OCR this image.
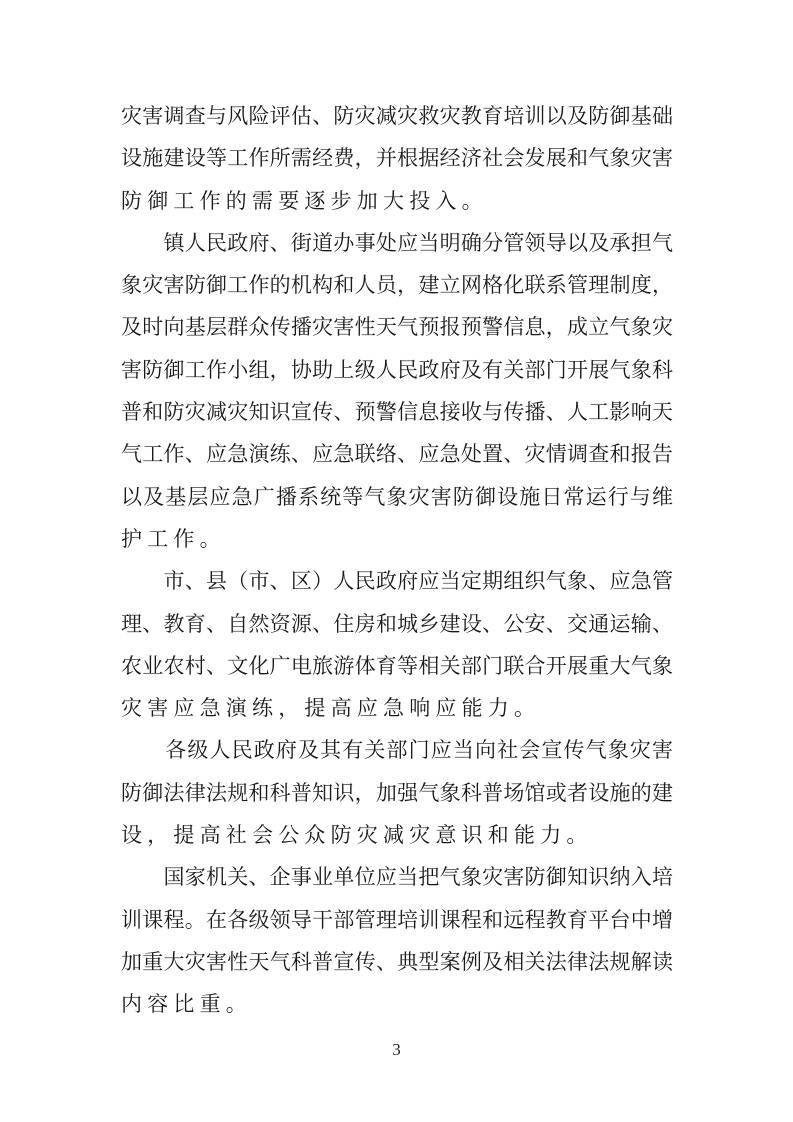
灾害调查与风险评估、防灾减灾救灾教育培训以及防御基础
设施建设等工作所需经费，并根据经济社会发展和气象灾害
防御工作的需要逐步加大投入。
　　镇人民政府、街道办事处应当明确分管领导以及承担气
象灾害防御工作的机构和人员，建立网格化联系管理制度，
及时向基层群众传播灾害性天气预报预警信息，成立气象灾
害防御工作小组，协助上级人民政府及有关部门开展气象科
普和防灾减灾知识宣传、预警信息接收与传播、人工影响天
气工作、应急演练、应急联络、应急处置、灾情调查和报告
以及基层应急广播系统等气象灾害防御设施日常运行与维
护工作。
　　市、县（市、区）人民政府应当定期组织气象、应急管
理、教育、自然资源、住房和城乡建设、公安、交通运输、
农业农村、文化广电旅游体育等相关部门联合开展重大气象
灾害应急演练，提高应急响应能力。
　　各级人民政府及其有关部门应当向社会宣传气象灾害
防御法律法规和科普知识，加强气象科普场馆或者设施的建
设，提高社会公众防灾减灾意识和能力。
　　国家机关、企事业单位应当把气象灾害防御知识纳入培
训课程。在各级领导干部管理培训课程和远程教育平台中增
加重大灾害性天气科普宣传、典型案例及相关法律法规解读
内容比重。
3
